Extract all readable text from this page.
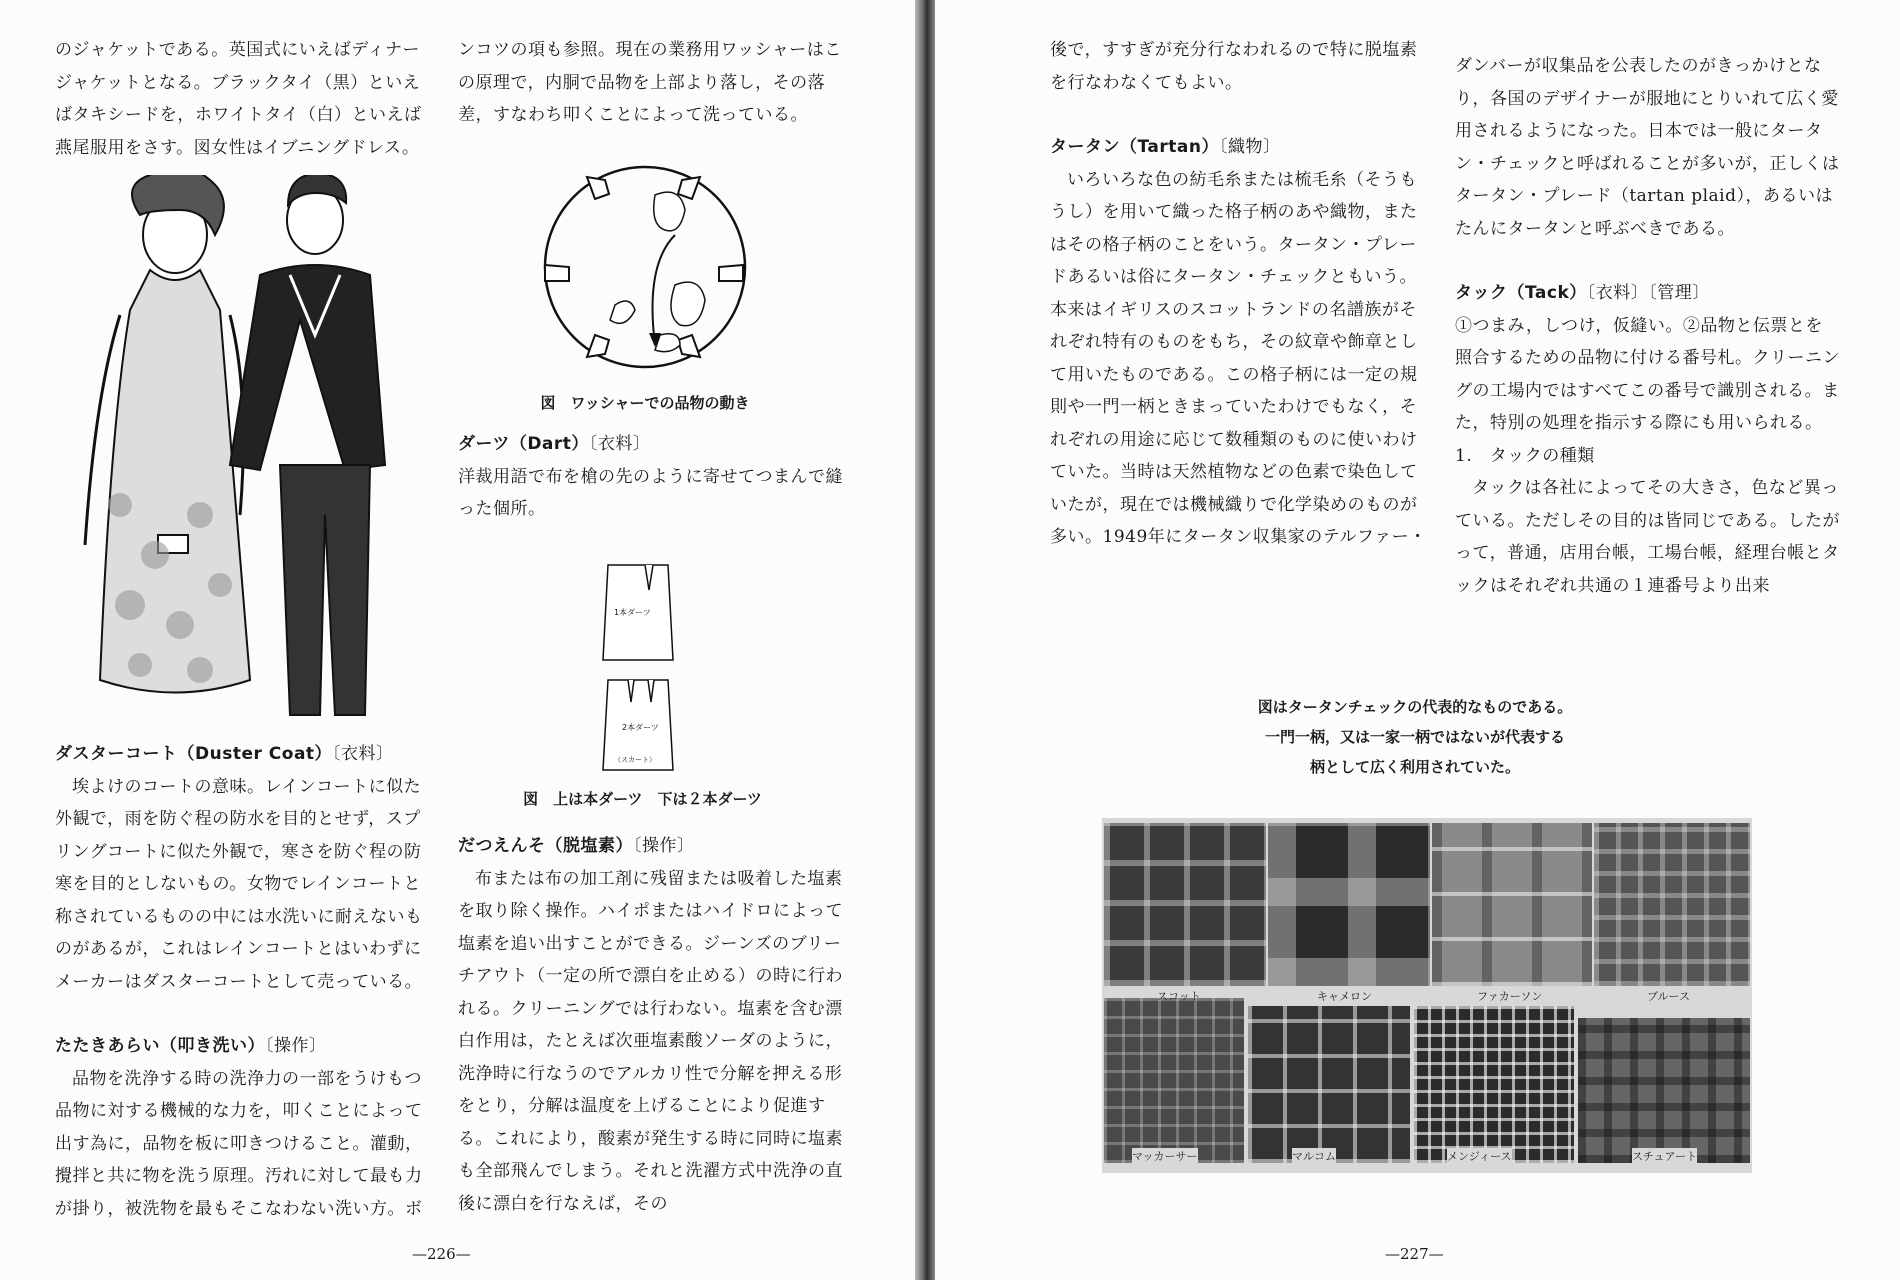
のジャケットである。英国式にいえばディナージャケットとなる。ブラックタイ（黒）といえばタキシードを，ホワイトタイ（白）といえば燕尾服用をさす。図女性はイブニングドレス。

ダスターコート（Duster Coat）〔衣料〕

埃よけのコートの意味。レインコートに似た外観で，雨を防ぐ程の防水を目的とせず，スプリングコートに似た外観で，寒さを防ぐ程の防寒を目的としないもの。女物でレインコートと称されているものの中には水洗いに耐えないものがあるが，これはレインコートとはいわずにメーカーはダスターコートとして売っている。

たたきあらい（叩き洗い）〔操作〕

品物を洗浄する時の洗浄力の一部をうけもつ品物に対する機械的な力を，叩くことによって出す為に，品物を板に叩きつけること。灌動，攪拌と共に物を洗う原理。汚れに対して最も力が掛り，被洗物を最もそこなわない洗い方。ボ

ンコツの項も参照。現在の業務用ワッシャーはこの原理で，内胴で品物を上部より落し，その落差，すなわち叩くことによって洗っている。

図　ワッシャーでの品物の動き

ダーツ（Dart）〔衣料〕

洋裁用語で布を槍の先のように寄せてつまんで縫った個所。

1本ダーツ
2本ダーツ
（スカート）
図　上は本ダーツ　下は２本ダーツ

だつえんそ（脱塩素）〔操作〕

布または布の加工剤に残留または吸着した塩素を取り除く操作。ハイポまたはハイドロによって塩素を追い出すことができる。ジーンズのブリーチアウト（一定の所で漂白を止める）の時に行われる。クリーニングでは行わない。塩素を含む漂白作用は，たとえば次亜塩素酸ソーダのように，洗浄時に行なうのでアルカリ性で分解を押える形をとり，分解は温度を上げることにより促進する。これにより，酸素が発生する時に同時に塩素も全部飛んでしまう。それと洗濯方式中洗浄の直後に漂白を行なえば，その

—226—

後で，すすぎが充分行なわれるので特に脱塩素を行なわなくてもよい。

タータン（Tartan）〔織物〕

いろいろな色の紡毛糸または梳毛糸（そうもうし）を用いて織った格子柄のあや織物，またはその格子柄のことをいう。タータン・プレードあるいは俗にタータン・チェックともいう。本来はイギリスのスコットランドの名譜族がそれぞれ特有のものをもち，その紋章や飾章として用いたものである。この格子柄には一定の規則や一門一柄ときまっていたわけでもなく，それぞれの用途に応じて数種類のものに使いわけていた。当時は天然植物などの色素で染色していたが，現在では機械織りで化学染めのものが多い。1949年にタータン収集家のテルファー・

ダンバーが収集品を公表したのがきっかけとなり，各国のデザイナーが服地にとりいれて広く愛用されるようになった。日本では一般にタータン・チェックと呼ばれることが多いが，正しくはタータン・プレード（tartan plaid），あるいはたんにタータンと呼ぶべきである。

タック（Tack）〔衣料〕〔管理〕

①つまみ，しつけ，仮縫い。②品物と伝票とを照合するための品物に付ける番号札。クリーニングの工場内ではすべてこの番号で識別される。また，特別の処理を指示する際にも用いられる。

1.　タックの種類

タックは各社によってその大きさ，色など異っている。ただしその目的は皆同じである。したがって，普通，店用台帳，工場台帳，経理台帳とタックはそれぞれ共通の１連番号より出来

図はタータンチェックの代表的なものである。
一門一柄，又は一家一柄ではないが代表する
柄として広く利用されていた。
スコット	キャメロン	ファカーソン	ブルース
マッカーサー	マルコム	メンジィース	スチュアート
—227—
